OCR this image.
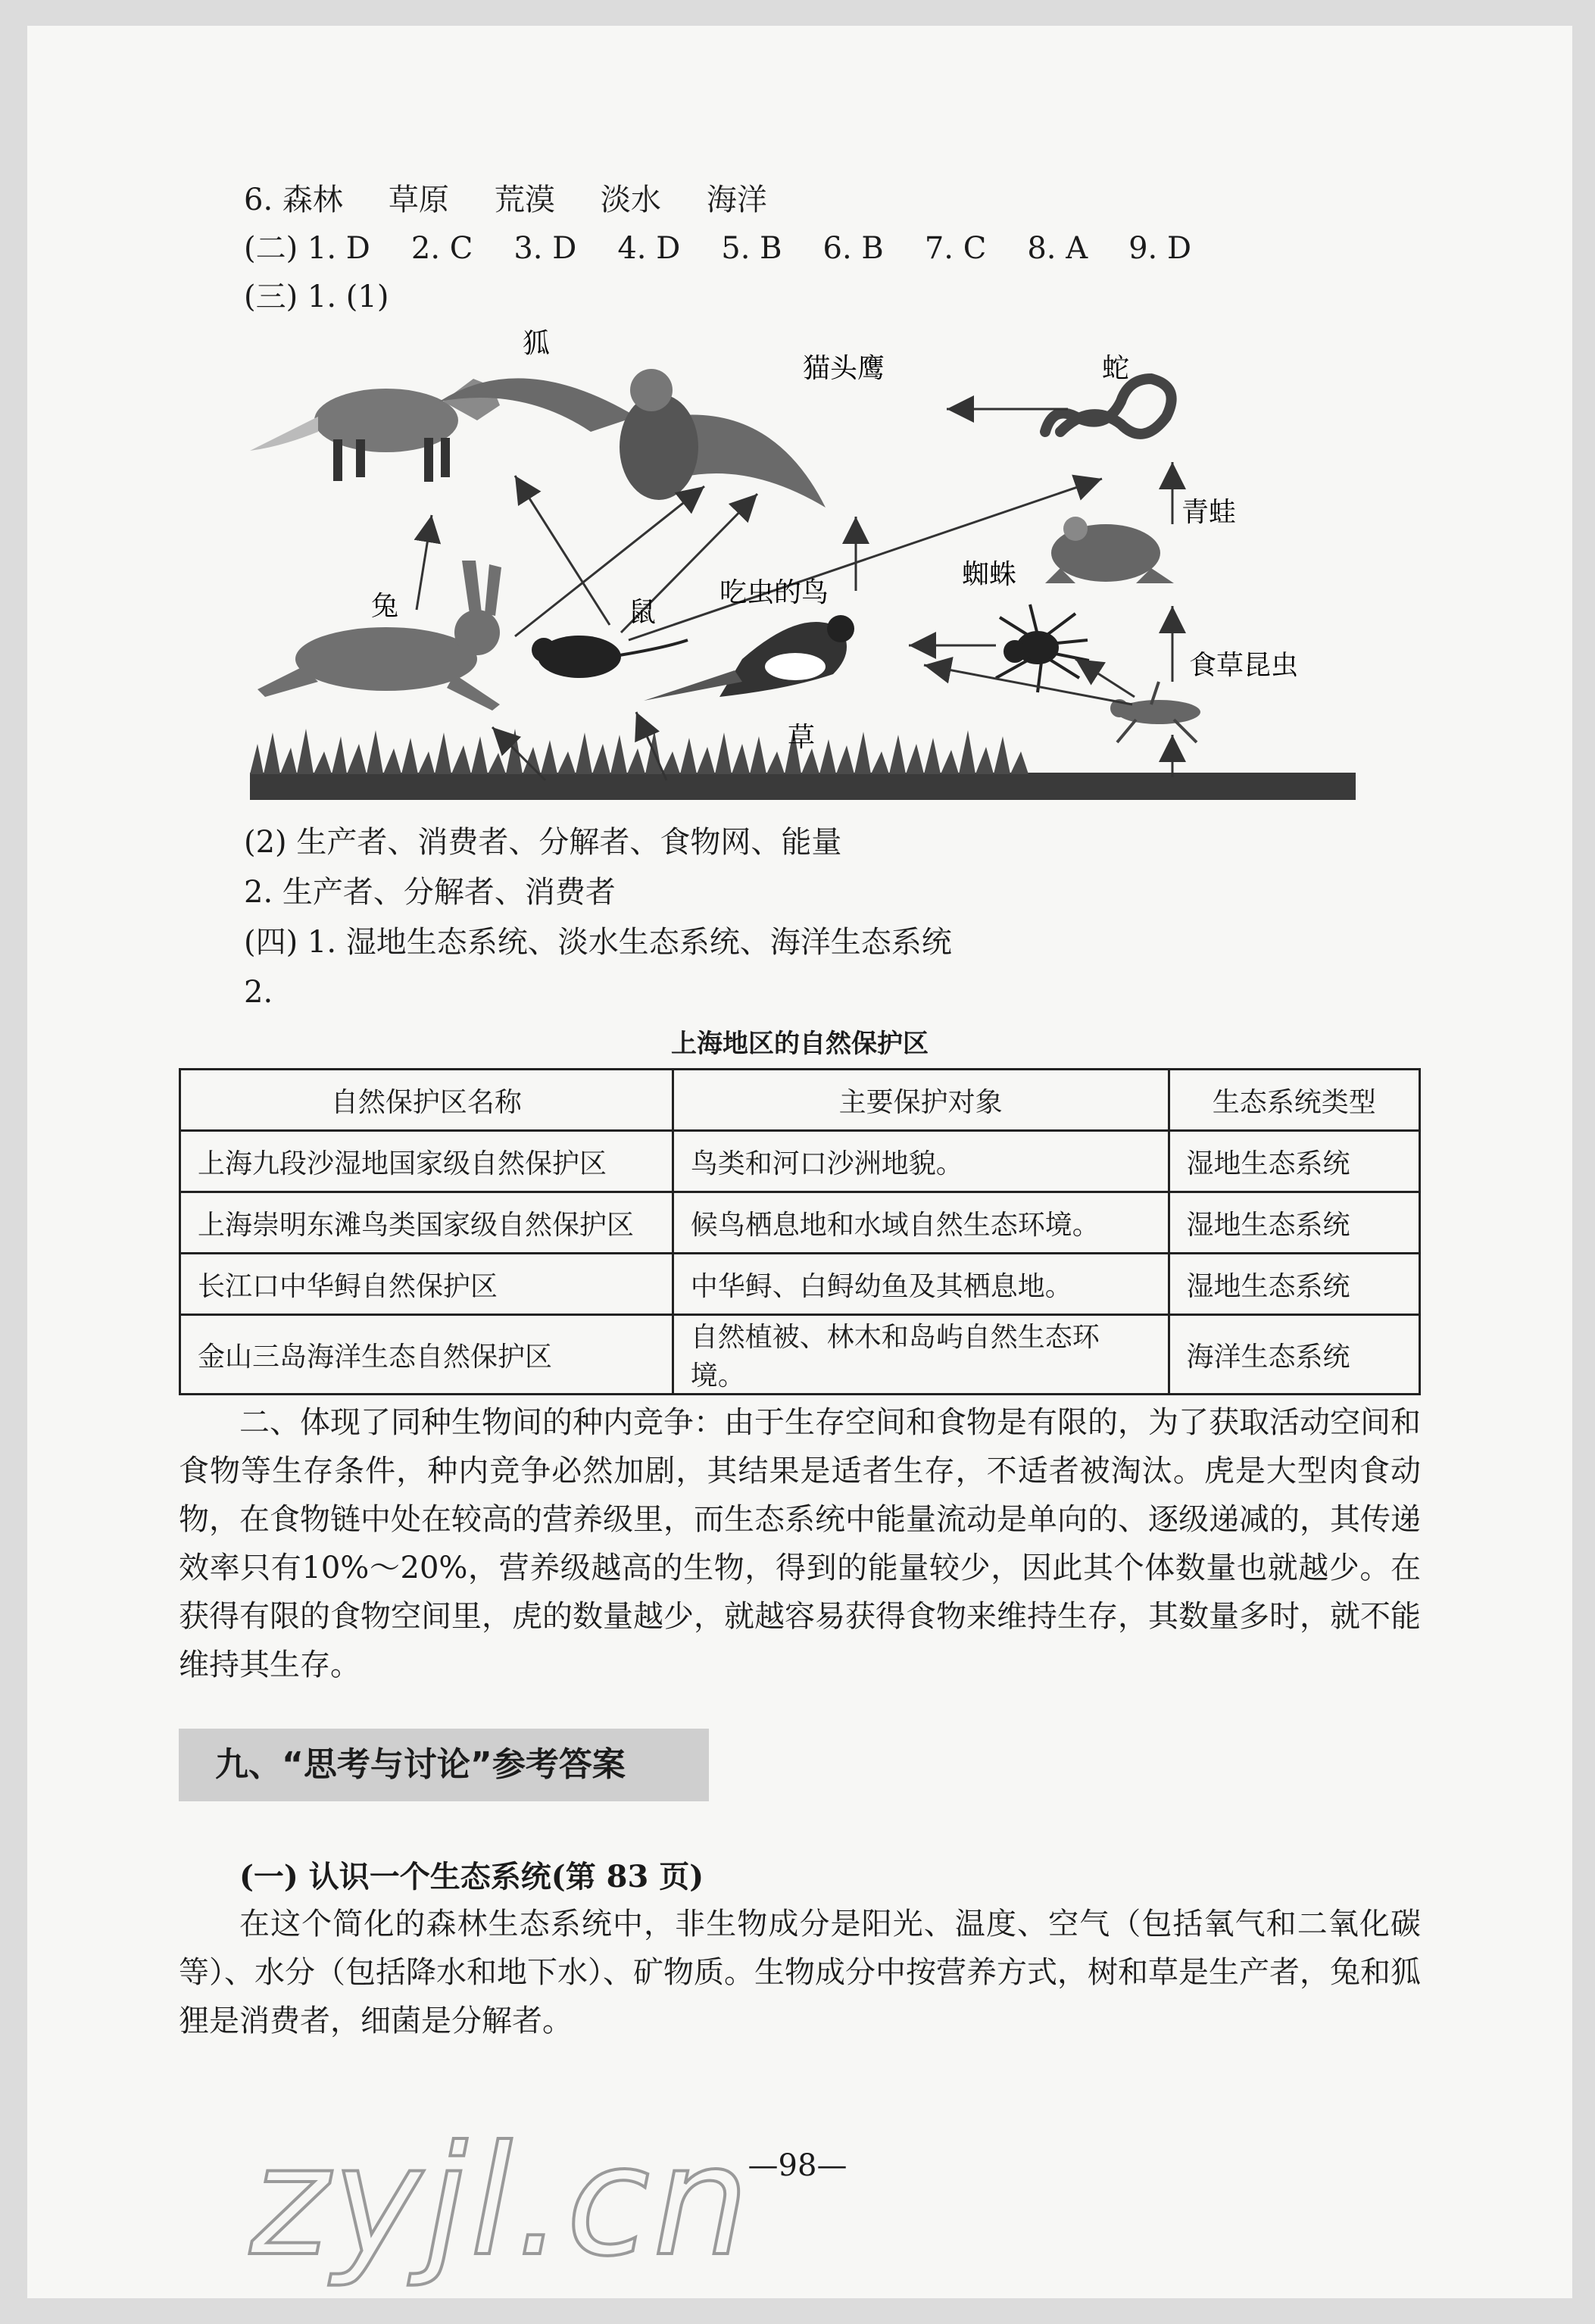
6. 森林 草原 荒漠 淡水 海洋
(二) 1. D 2. C 3. D 4. D 5. B 6. B 7. C 8. A 9. D
(三) 1. (1)
狐
猫头鹰	蛇
青蛙
兔	鼠
吃虫的鸟
蜘蛛
食草昆虫
草
(2) 生产者、消费者、分解者、食物网、能量
2. 生产者、分解者、消费者
(四) 1. 湿地生态系统、淡水生态系统、海洋生态系统
2.
上海地区的自然保护区
自然保护区名称	主要保护对象	生态系统类型
上海九段沙湿地国家级自然保护区	鸟类和河口沙洲地貌。	湿地生态系统
上海崇明东滩鸟类国家级自然保护区	候鸟栖息地和水域自然生态环境。	湿地生态系统
长江口中华鲟自然保护区	中华鲟、白鲟幼鱼及其栖息地。	湿地生态系统
金山三岛海洋生态自然保护区	自然植被、林木和岛屿自然生态环境。	海洋生态系统

二、体现了同种生物间的种内竞争：由于生存空间和食物是有限的，为了获取活动空间和食物等生存条件，种内竞争必然加剧，其结果是适者生存，不适者被淘汰。虎是大型肉食动物，在食物链中处在较高的营养级里，而生态系统中能量流动是单向的、逐级递减的，其传递效率只有10%～20%，营养级越高的生物，得到的能量较少，因此其个体数量也就越少。在获得有限的食物空间里，虎的数量越少，就越容易获得食物来维持生存，其数量多时，就不能维持其生存。

九、“思考与讨论”参考答案
(一) 认识一个生态系统(第 83 页)

在这个简化的森林生态系统中，非生物成分是阳光、温度、空气（包括氧气和二氧化碳等）、水分（包括降水和地下水）、矿物质。生物成分中按营养方式，树和草是生产者，兔和狐狸是消费者，细菌是分解者。

zyjl.cn
—98—
